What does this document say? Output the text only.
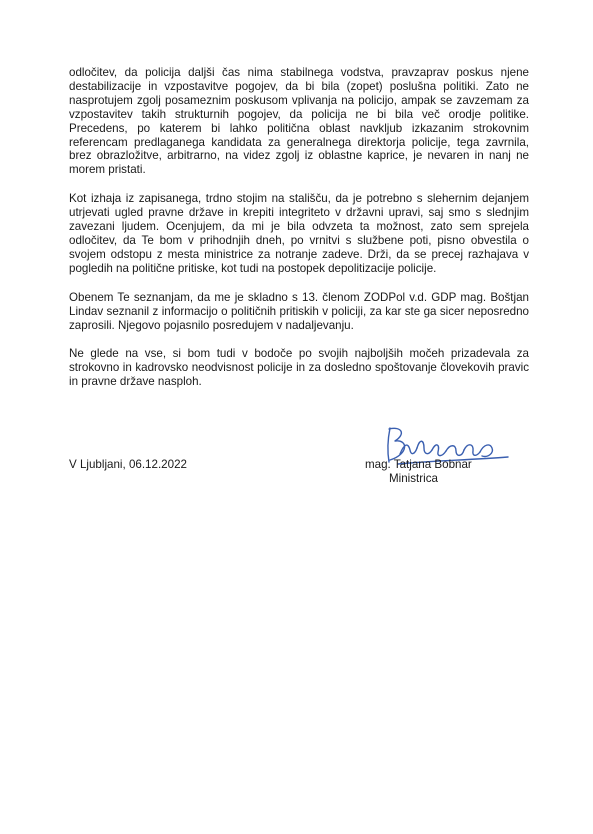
odločitev, da policija daljši čas nima stabilnega vodstva, pravzaprav poskus njene destabilizacije in vzpostavitve pogojev, da bi bila (zopet) poslušna politiki. Zato ne nasprotujem zgolj posameznim poskusom vplivanja na policijo, ampak se zavzemam za vzpostavitev takih strukturnih pogojev, da policija ne bi bila več orodje politike. Precedens, po katerem bi lahko politična oblast navkljub izkazanim strokovnim referencam predlaganega kandidata za generalnega direktorja policije, tega zavrnila, brez obrazložitve, arbitrarno, na videz zgolj iz oblastne kaprice, je nevaren in nanj ne morem pristati.

Kot izhaja iz zapisanega, trdno stojim na stališču, da je potrebno s slehernim dejanjem utrjevati ugled pravne države in krepiti integriteto v državni upravi, saj smo s slednjim zavezani ljudem. Ocenjujem, da mi je bila odvzeta ta možnost, zato sem sprejela odločitev, da Te bom v prihodnjih dneh, po vrnitvi s službene poti, pisno obvestila o svojem odstopu z mesta ministrice za notranje zadeve. Drži, da se precej razhajava v pogledih na politične pritiske, kot tudi na postopek depolitizacije policije.

Obenem Te seznanjam, da me je skladno s 13. členom ZODPol v.d. GDP mag. Boštjan Lindav seznanil z informacijo o političnih pritiskih v policiji, za kar ste ga sicer neposredno zaprosili. Njegovo pojasnilo posredujem v nadaljevanju.

Ne glede na vse, si bom tudi v bodoče po svojih najboljših močeh prizadevala za strokovno in kadrovsko neodvisnost policije in za dosledno spoštovanje človekovih pravic in pravne države nasploh.

V Ljubljani, 06.12.2022	mag. Tatjana Bobnar
Ministrica
